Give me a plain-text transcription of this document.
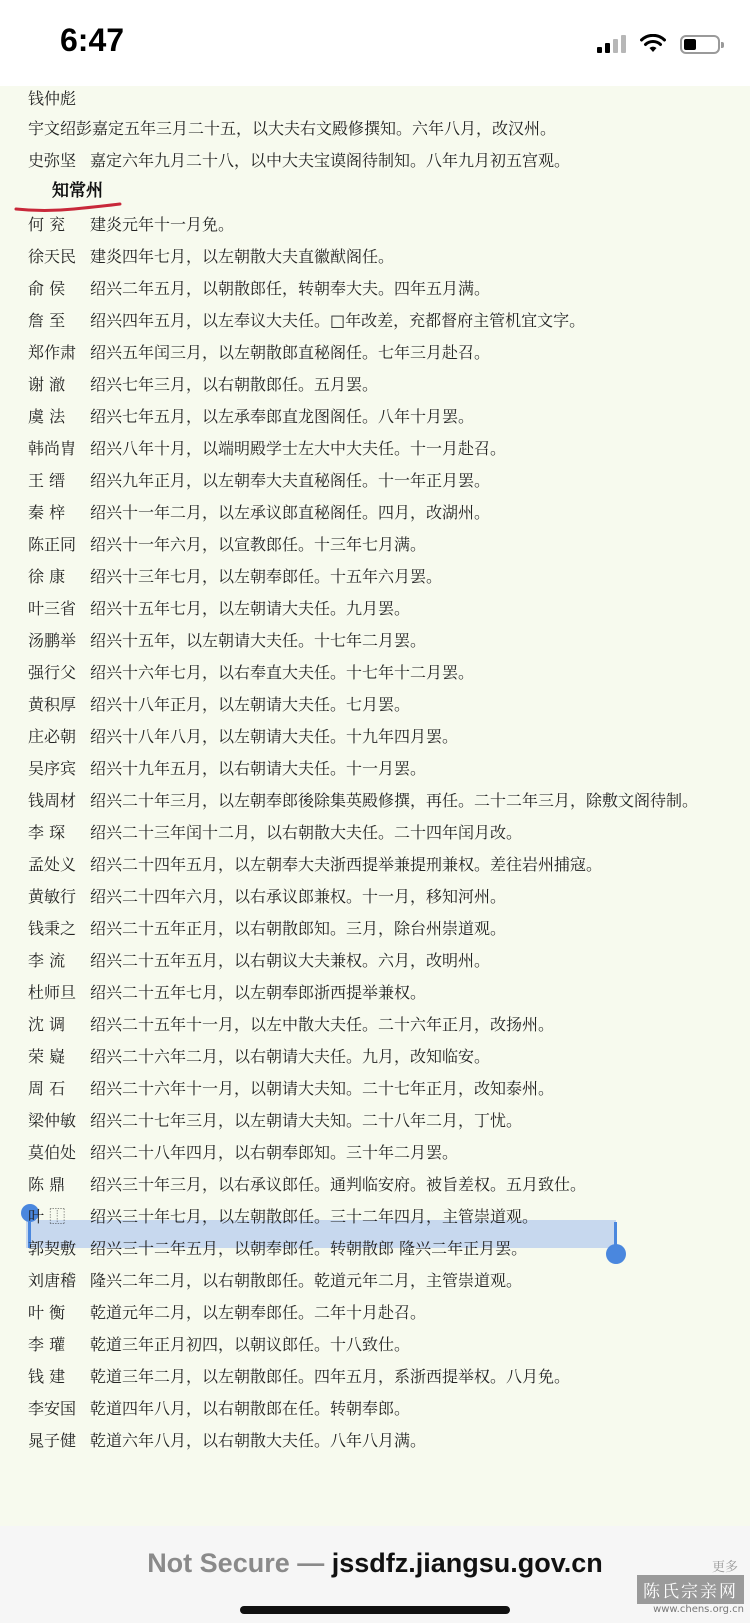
6:47
知常州
钱仲彪
宇文绍彭嘉定五年三月二十五，以大夫右文殿修撰知。六年八月，改汉州。
史弥坚 嘉定六年九月二十八，以中大夫宝谟阁待制知。八年九月初五宫观。
何 兖 建炎元年十一月免。
徐天民 建炎四年七月，以左朝散大夫直徽猷阁任。
俞 侯 绍兴二年五月，以朝散郎任，转朝奉大夫。四年五月满。
詹 至 绍兴四年五月，以左奉议大夫任。□年改差，充都督府主管机宜文字。
郑作肃 绍兴五年闰三月，以左朝散郎直秘阁任。七年三月赴召。
谢 澈 绍兴七年三月，以右朝散郎任。五月罢。
虞 法 绍兴七年五月，以左承奉郎直龙图阁任。八年十月罢。
韩尚胄 绍兴八年十月，以端明殿学士左大中大夫任。十一月赴召。
王 缙 绍兴九年正月，以左朝奉大夫直秘阁任。十一年正月罢。
秦 梓 绍兴十一年二月，以左承议郎直秘阁任。四月，改湖州。
陈正同 绍兴十一年六月，以宣教郎任。十三年七月满。
徐 康 绍兴十三年七月，以左朝奉郎任。十五年六月罢。
叶三省 绍兴十五年七月，以左朝请大夫任。九月罢。
汤鹏举 绍兴十五年，以左朝请大夫任。十七年二月罢。
强行父 绍兴十六年七月，以右奉直大夫任。十七年十二月罢。
黄积厚 绍兴十八年正月，以左朝请大夫任。七月罢。
庄必朝 绍兴十八年八月，以左朝请大夫任。十九年四月罢。
吴序宾 绍兴十九年五月，以右朝请大夫任。十一月罢。
钱周材 绍兴二十年三月，以左朝奉郎後除集英殿修撰，再任。二十二年三月，除敷文阁待制。
李 琛 绍兴二十三年闰十二月，以右朝散大夫任。二十四年闰月改。
孟处义 绍兴二十四年五月，以左朝奉大夫浙西提举兼提刑兼权。差往岩州捕寇。
黄敏行 绍兴二十四年六月，以右承议郎兼权。十一月，移知河州。
钱秉之 绍兴二十五年正月，以右朝散郎知。三月，除台州崇道观。
李 流 绍兴二十五年五月，以右朝议大夫兼权。六月，改明州。
杜师旦 绍兴二十五年七月，以左朝奉郎浙西提举兼权。
沈 调 绍兴二十五年十一月，以左中散大夫任。二十六年正月，改扬州。
荣 嶷 绍兴二十六年二月，以右朝请大夫任。九月，改知临安。
周 石 绍兴二十六年十一月，以朝请大夫知。二十七年正月，改知泰州。
梁仲敏 绍兴二十七年三月，以左朝请大夫知。二十八年二月，丁忧。
莫伯处 绍兴二十八年四月，以右朝奉郎知。三十年二月罢。
陈 鼎 绍兴三十年三月，以右承议郎任。通判临安府。被旨差权。五月致仕。
叶 ⿰ 绍兴三十年七月，以左朝散郎任。三十二年四月，主管崇道观。
郭契敷 绍兴三十二年五月，以朝奉郎任。转朝散郎 隆兴二年正月罢。
刘唐稽 隆兴二年二月，以右朝散郎任。乾道元年二月，主管崇道观。
叶 衡 乾道元年二月，以左朝奉郎任。二年十月赴召。
李 瓘 乾道三年正月初四，以朝议郎任。十八致仕。
钱 建 乾道三年二月，以左朝散郎任。四年五月，系浙西提举权。八月免。
李安国 乾道四年八月，以右朝散郎在任。转朝奉郎。
晁子健 乾道六年八月，以右朝散大夫任。八年八月满。
Not Secure — jssdfz.jiangsu.gov.cn	更多
陈氏宗亲网
www.chens.org.cn
